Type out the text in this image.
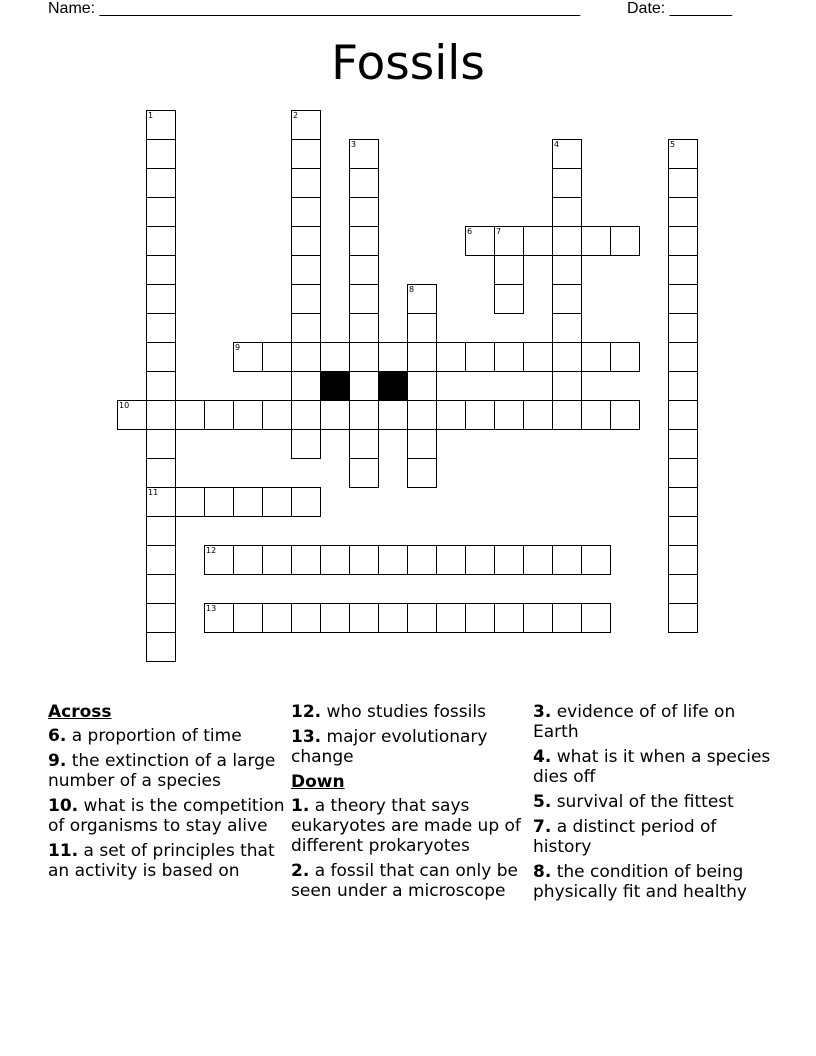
Name: ______________________________________________________	Date: _______
Fossils
1
11
2
3	4	5
6	7
8
9
10
12
13
Across
6. a proportion of time
9. the extinction of a large number of a species
10. what is the competition of organisms to stay alive
11. a set of principles that an activity is based on
12. who studies fossils
13. major evolutionary change
Down
1. a theory that says eukaryotes are made up of different prokaryotes
2. a fossil that can only be seen under a microscope
3. evidence of of life on Earth
4. what is it when a species dies off
5. survival of the fittest
7. a distinct period of history
8. the condition of being physically fit and healthy
